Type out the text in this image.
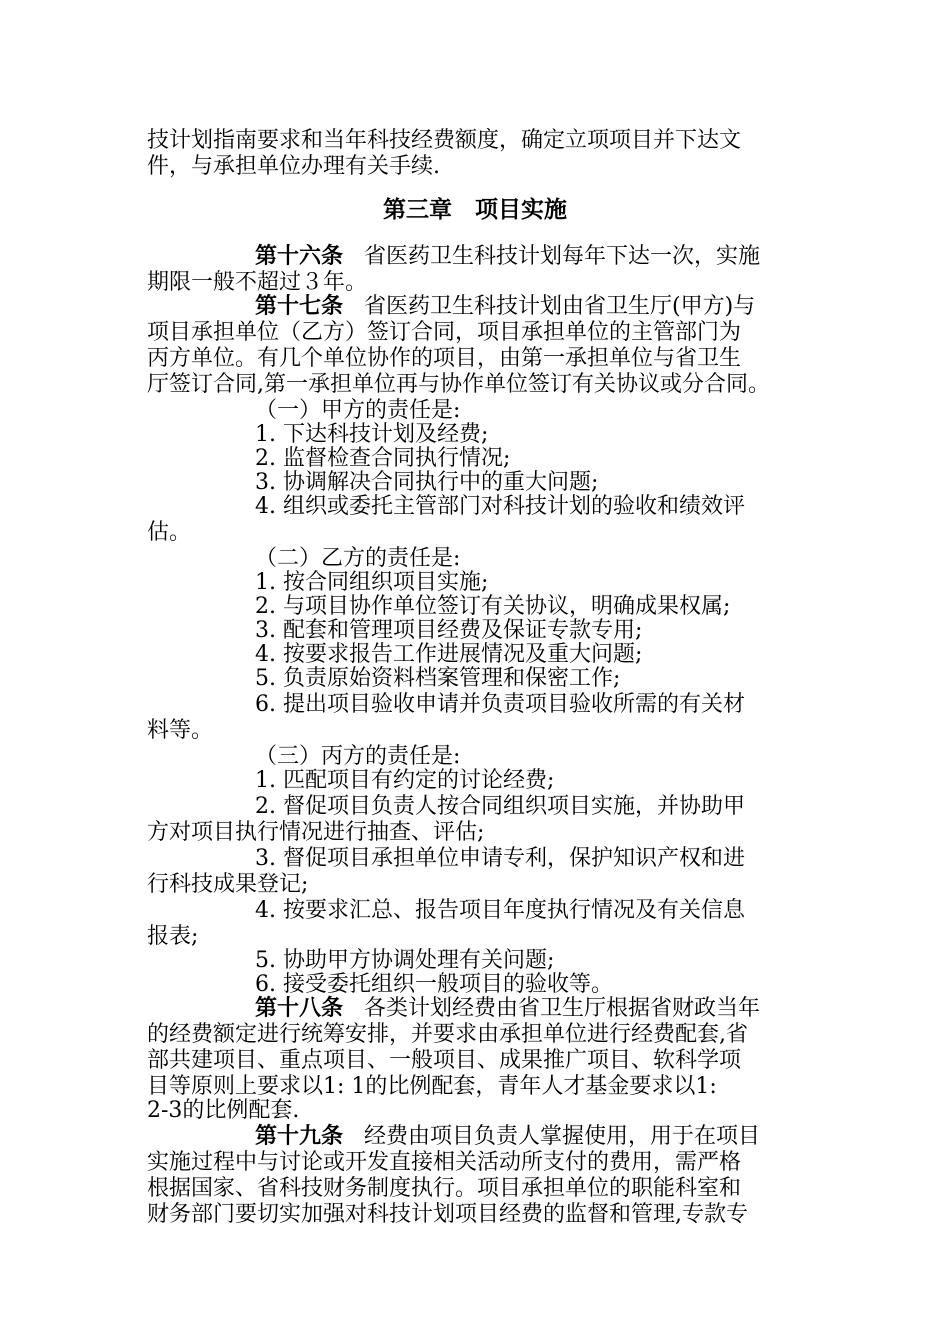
技计划指南要求和当年科技经费额度，确定立项项目并下达文
件，与承担单位办理有关手续.
第三章　项目实施
第十六条 省医药卫生科技计划每年下达一次，实施
期限一般不超过３年。
第十七条 省医药卫生科技计划由省卫生厅(甲方)与
项目承担单位（乙方）签订合同，项目承担单位的主管部门为
丙方单位。有几个单位协作的项目，由第一承担单位与省卫生
厅签订合同,第一承担单位再与协作单位签订有关协议或分合同。
（一）甲方的责任是:
1. 下达科技计划及经费;
2. 监督检查合同执行情况;
3. 协调解决合同执行中的重大问题;
4. 组织或委托主管部门对科技计划的验收和绩效评
估。
（二）乙方的责任是:
1. 按合同组织项目实施;
2. 与项目协作单位签订有关协议，明确成果权属;
3. 配套和管理项目经费及保证专款专用;
4. 按要求报告工作进展情况及重大问题;
5. 负责原始资料档案管理和保密工作;
6. 提出项目验收申请并负责项目验收所需的有关材
料等。
（三）丙方的责任是:
1. 匹配项目有约定的讨论经费;
2. 督促项目负责人按合同组织项目实施，并协助甲
方对项目执行情况进行抽查、评估;
3. 督促项目承担单位申请专利，保护知识产权和进
行科技成果登记;
4. 按要求汇总、报告项目年度执行情况及有关信息
报表;
5. 协助甲方协调处理有关问题;
6. 接受委托组织一般项目的验收等。
第十八条 各类计划经费由省卫生厅根据省财政当年
的经费额定进行统筹安排，并要求由承担单位进行经费配套,省
部共建项目、重点项目、一般项目、成果推广项目、软科学项
目等原则上要求以1: 1的比例配套，青年人才基金要求以1:
2-3的比例配套.
第十九条 经费由项目负责人掌握使用，用于在项目
实施过程中与讨论或开发直接相关活动所支付的费用，需严格
根据国家、省科技财务制度执行。项目承担单位的职能科室和
财务部门要切实加强对科技计划项目经费的监督和管理,专款专
